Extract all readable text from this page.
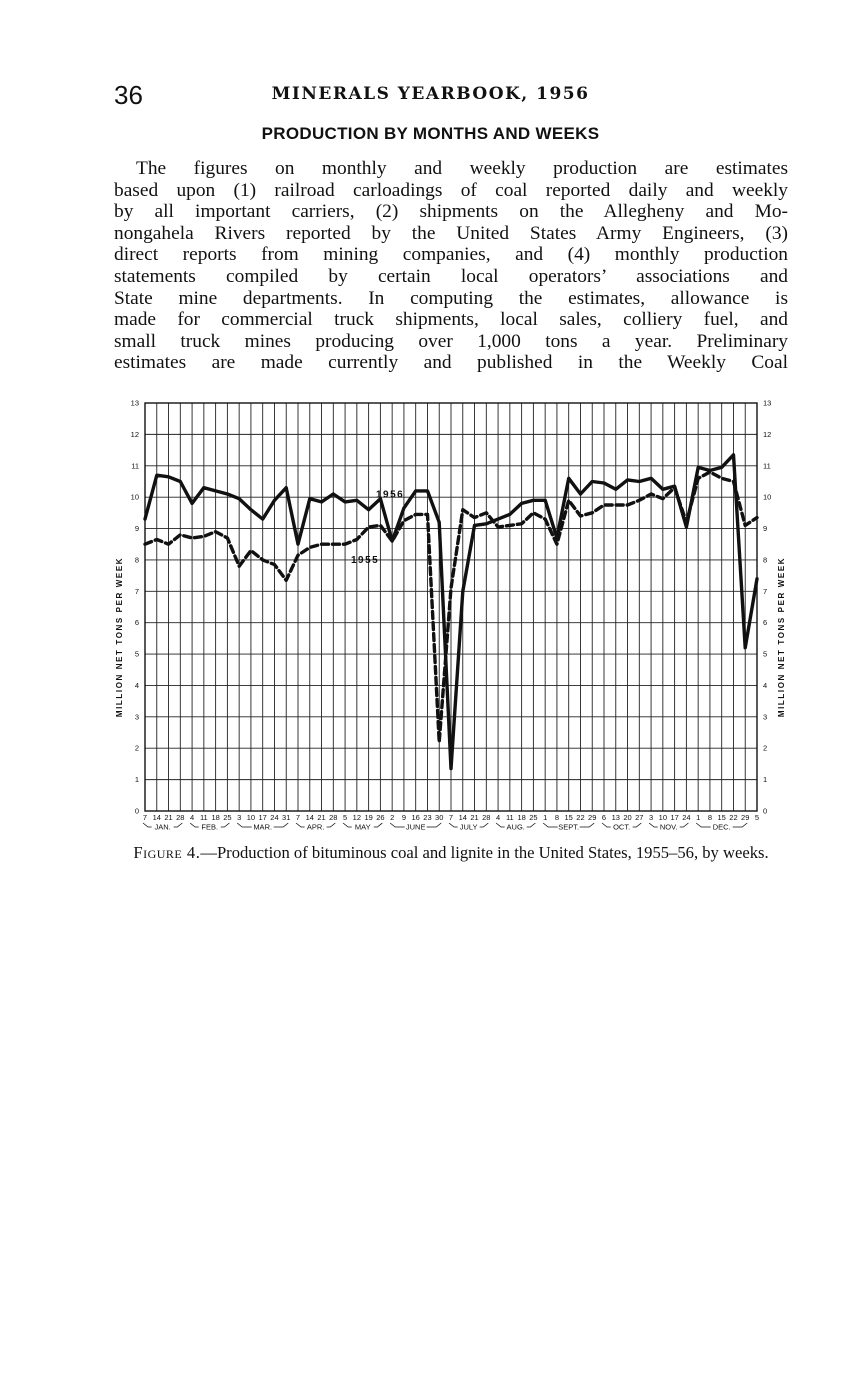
36	MINERALS YEARBOOK, 1956
PRODUCTION BY MONTHS AND WEEKS
The figures on monthly and weekly production are estimates
based upon (1) railroad carloadings of coal reported daily and weekly
by all important carriers, (2) shipments on the Allegheny and Mo-
nongahela Rivers reported by the United States Army Engineers, (3)
direct reports from mining companies, and (4) monthly production
statements compiled by certain local operators’ associations and
State mine departments. In computing the estimates, allowance is
made for commercial truck shipments, local sales, colliery fuel, and
small truck mines producing over 1,000 tons a year. Preliminary
estimates are made currently and published in the Weekly Coal
0	0
1	1
2	2
3	3
4	4
5	5
6	6
7	7
8	8
9	9
10	10
11	11
12	12
13	13
MILLION NET TONS PER WEEK	MILLION NET TONS PER WEEK
7 14 21 28 4 11 18 25 3 10 17 24 31 7 14 21 28 5 12 19 26 2 9 16 23 30 7 14 21 28 4 11 18 25 1 8 15 22 29 6 13 20 27 3 10 17 24 1 8 15 22 29 5
JAN.	FEB.	MAR.	APR.	MAY	JUNE	JULY	AUG.	SEPT.	OCT.	NOV.	DEC.
1956
1955
Figure 4.—Production of bituminous coal and lignite in the United States, 1955–56, by weeks.
